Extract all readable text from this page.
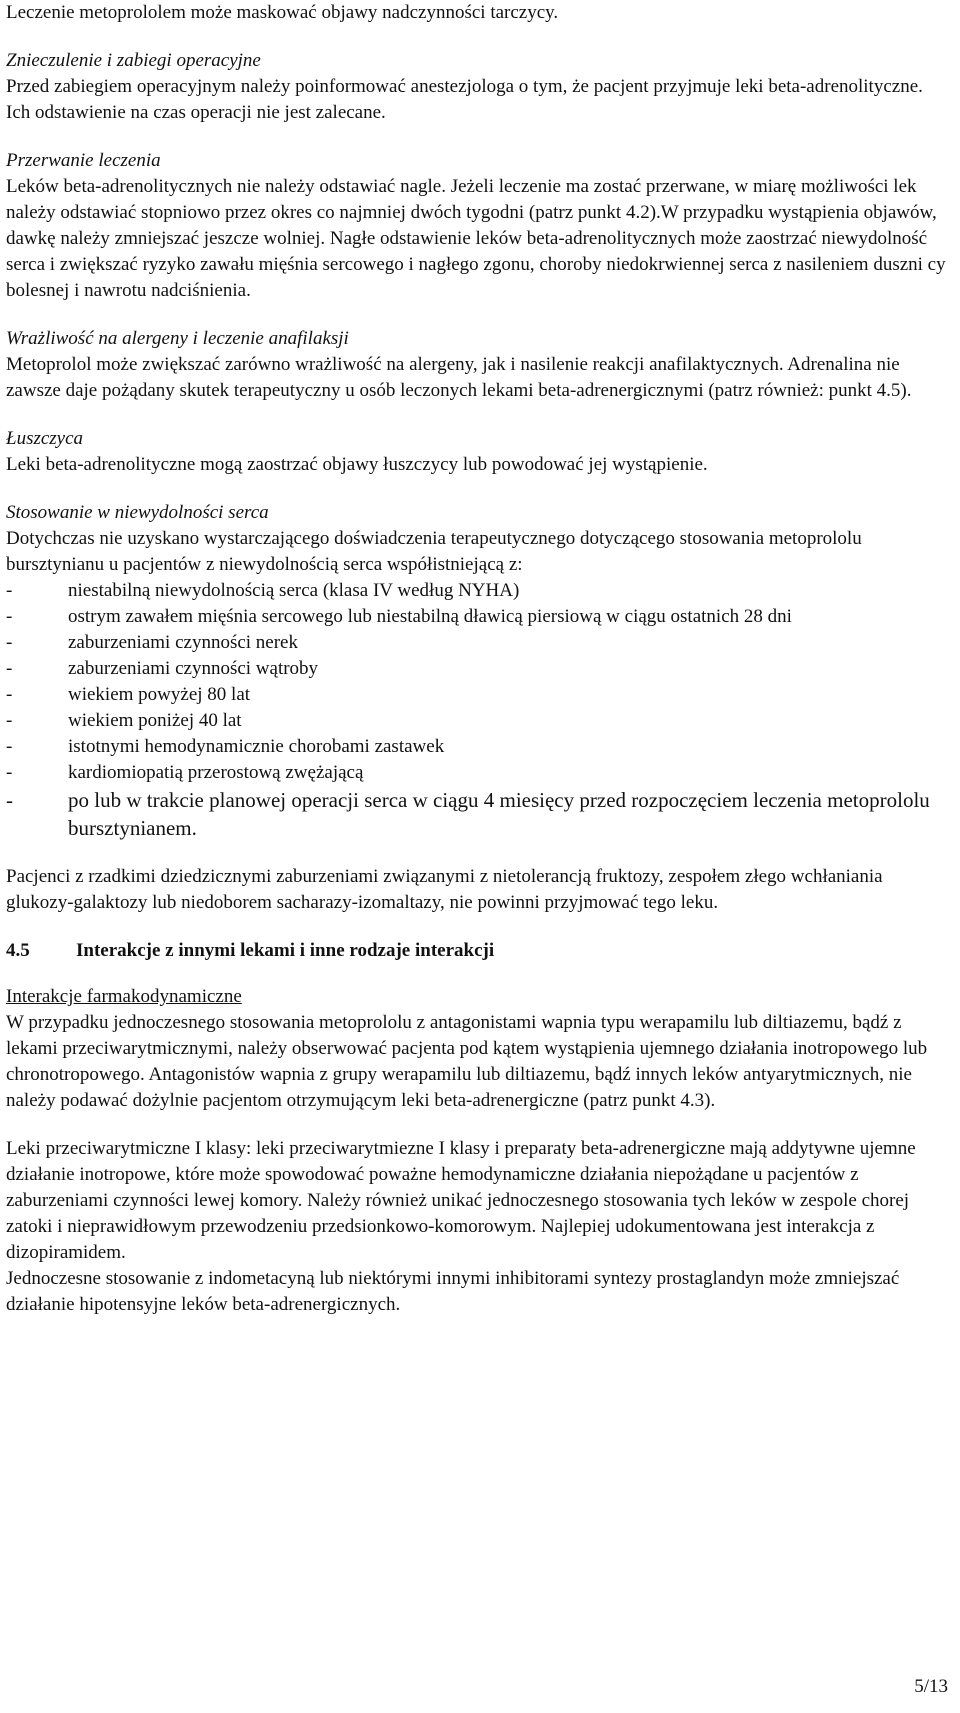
Leczenie metoprololem może maskować objawy nadczynności tarczycy.

Znieczulenie i zabiegi operacyjne

Przed zabiegiem operacyjnym należy poinformować anestezjologa o tym, że pacjent przyjmuje leki beta-adrenolityczne. Ich odstawienie na czas operacji nie jest zalecane.

Przerwanie leczenia

Leków beta-adrenolitycznych nie należy odstawiać nagle. Jeżeli leczenie ma zostać przerwane, w miarę możliwości lek należy odstawiać stopniowo przez okres co najmniej dwóch tygodni (patrz punkt 4.2).W przypadku wystąpienia objawów, dawkę należy zmniejszać jeszcze wolniej. Nagłe odstawienie leków beta-adrenolitycznych może zaostrzać niewydolność serca i zwiększać ryzyko zawału mięśnia sercowego i nagłego zgonu, choroby niedokrwiennej serca z nasileniem duszni cy bolesnej i nawrotu nadciśnienia.

Wrażliwość na alergeny i leczenie anafilaksji

Metoprolol może zwiększać zarówno wrażliwość na alergeny, jak i nasilenie reakcji anafilaktycznych. Adrenalina nie zawsze daje pożądany skutek terapeutyczny u osób leczonych lekami beta-adrenergicznymi (patrz również: punkt 4.5).

Łuszczyca

Leki beta-adrenolityczne mogą zaostrzać objawy łuszczycy lub powodować jej wystąpienie.

Stosowanie w niewydolności serca

Dotychczas nie uzyskano wystarczającego doświadczenia terapeutycznego dotyczącego stosowania metoprololu bursztynianu u pacjentów z niewydolnością serca współistniejącą z:

- niestabilną niewydolnością serca (klasa IV według NYHA)
- ostrym zawałem mięśnia sercowego lub niestabilną dławicą piersiową w ciągu ostatnich 28 dni
- zaburzeniami czynności nerek
- zaburzeniami czynności wątroby
- wiekiem powyżej 80 lat
- wiekiem poniżej 40 lat
- istotnymi hemodynamicznie chorobami zastawek
- kardiomiopatią przerostową zwężającą
- po lub w trakcie planowej operacji serca w ciągu 4 miesięcy przed rozpoczęciem leczenia metoprololu bursztynianem.

Pacjenci z rzadkimi dziedzicznymi zaburzeniami związanymi z nietolerancją fruktozy, zespołem złego wchłaniania glukozy-galaktozy lub niedoborem sacharazy-izomaltazy, nie powinni przyjmować tego leku.

4.5 Interakcje z innymi lekami i inne rodzaje interakcji

Interakcje farmakodynamiczne

W przypadku jednoczesnego stosowania metoprololu z antagonistami wapnia typu werapamilu lub diltiazemu, bądź z lekami przeciwarytmicznymi, należy obserwować pacjenta pod kątem wystąpienia ujemnego działania inotropowego lub chronotropowego. Antagonistów wapnia z grupy werapamilu lub diltiazemu, bądź innych leków antyarytmicznych, nie należy podawać dożylnie pacjentom otrzymującym leki beta-adrenergiczne (patrz punkt 4.3).

Leki przeciwarytmiczne I klasy: leki przeciwarytmiezne I klasy i preparaty beta-adrenergiczne mają addytywne ujemne działanie inotropowe, które może spowodować poważne hemodynamiczne działania niepożądane u pacjentów z zaburzeniami czynności lewej komory. Należy również unikać jednoczesnego stosowania tych leków w zespole chorej zatoki i nieprawidłowym przewodzeniu przedsionkowo-komorowym. Najlepiej udokumentowana jest interakcja z dizopiramidem.

Jednoczesne stosowanie z indometacyną lub niektórymi innymi inhibitorami syntezy prostaglandyn może zmniejszać działanie hipotensyjne leków beta-adrenergicznych.

5/13
